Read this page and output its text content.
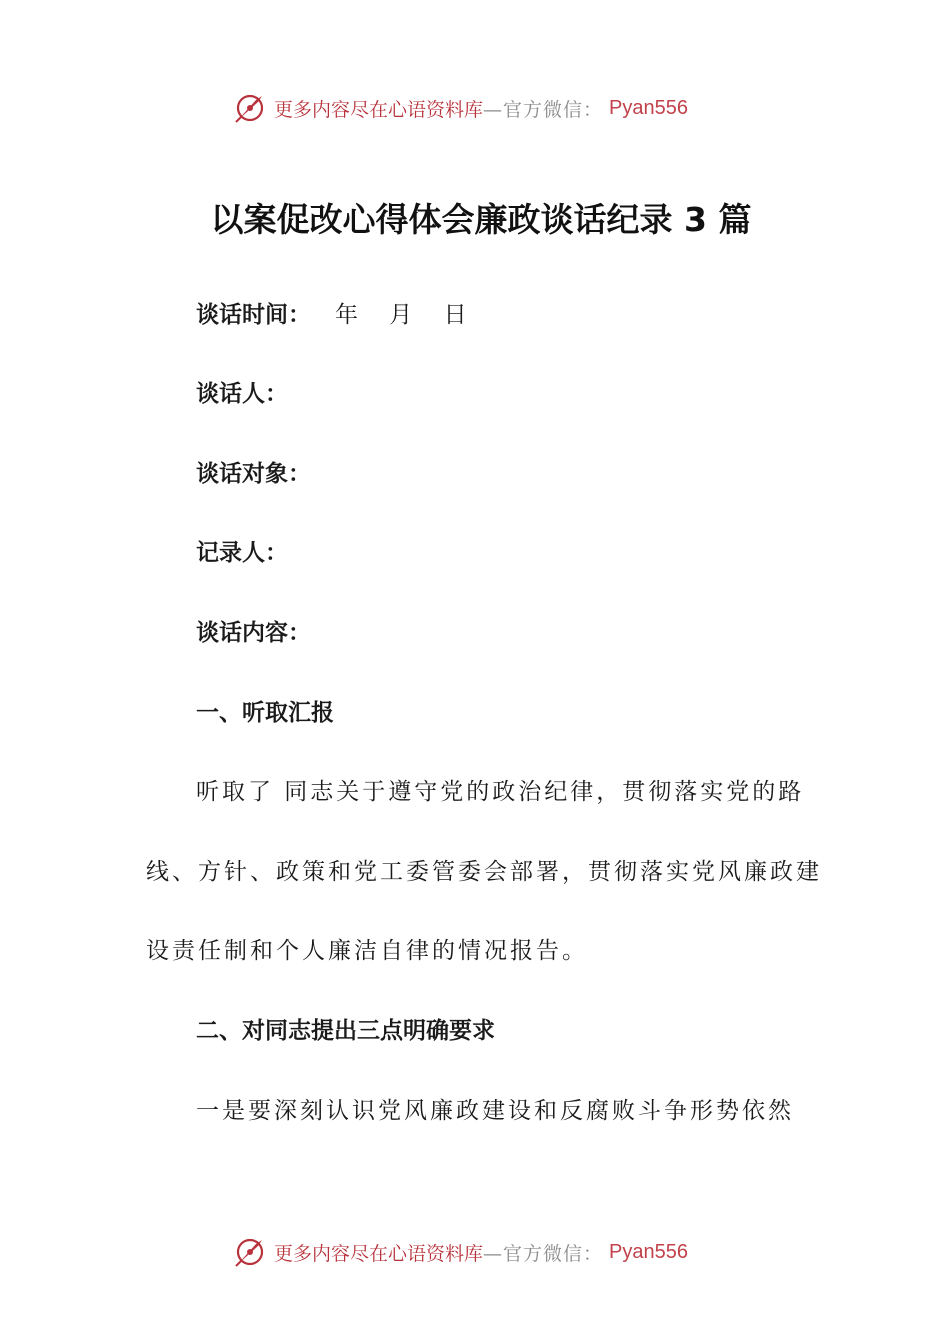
更多内容尽在心语资料库 —官方微信： Pyan556
以案促改心得体会廉政谈话纪录 3 篇
谈话时间： 年 月 日
谈话人：
谈话对象：
记录人：
谈话内容：
一、听取汇报
听取了 同志关于遵守党的政治纪律，贯彻落实党的路
线、方针、政策和党工委管委会部署，贯彻落实党风廉政建
设责任制和个人廉洁自律的情况报告。
二、对同志提出三点明确要求
一是要深刻认识党风廉政建设和反腐败斗争形势依然
更多内容尽在心语资料库 —官方微信： Pyan556
